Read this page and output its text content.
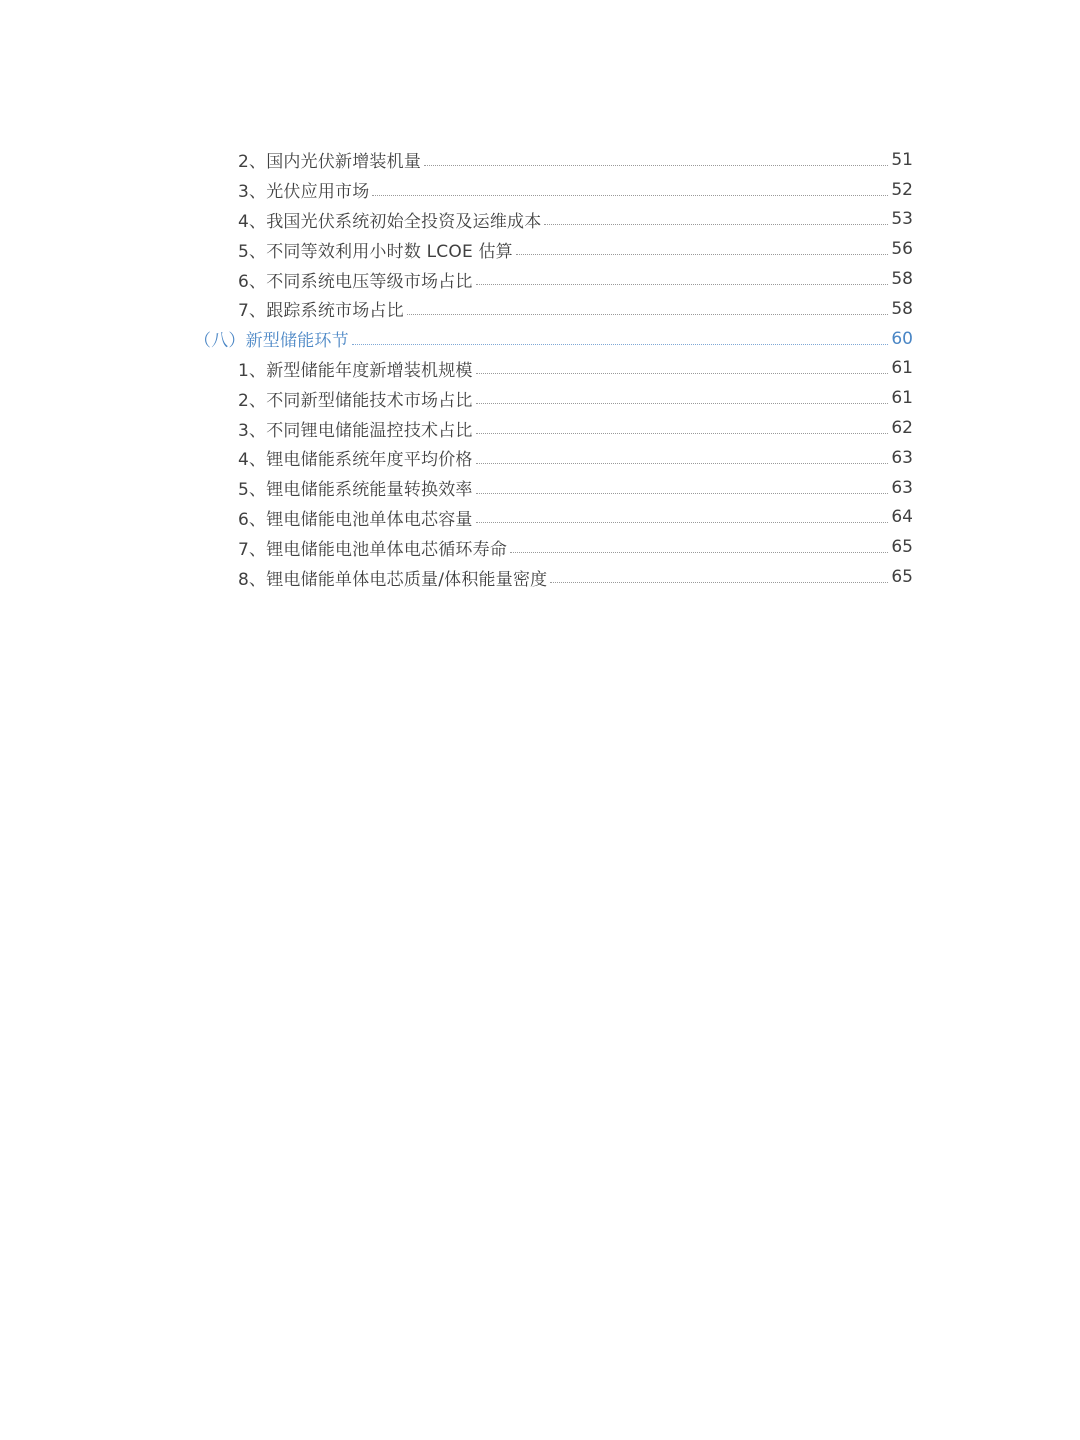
2、国内光伏新增装机量	51
3、光伏应用市场	52
4、我国光伏系统初始全投资及运维成本	53
5、不同等效利用小时数 LCOE 估算	56
6、不同系统电压等级市场占比	58
7、跟踪系统市场占比	58
（八）新型储能环节	60
1、新型储能年度新增装机规模	61
2、不同新型储能技术市场占比	61
3、不同锂电储能温控技术占比	62
4、锂电储能系统年度平均价格	63
5、锂电储能系统能量转换效率	63
6、锂电储能电池单体电芯容量	64
7、锂电储能电池单体电芯循环寿命	65
8、锂电储能单体电芯质量/体积能量密度	65
